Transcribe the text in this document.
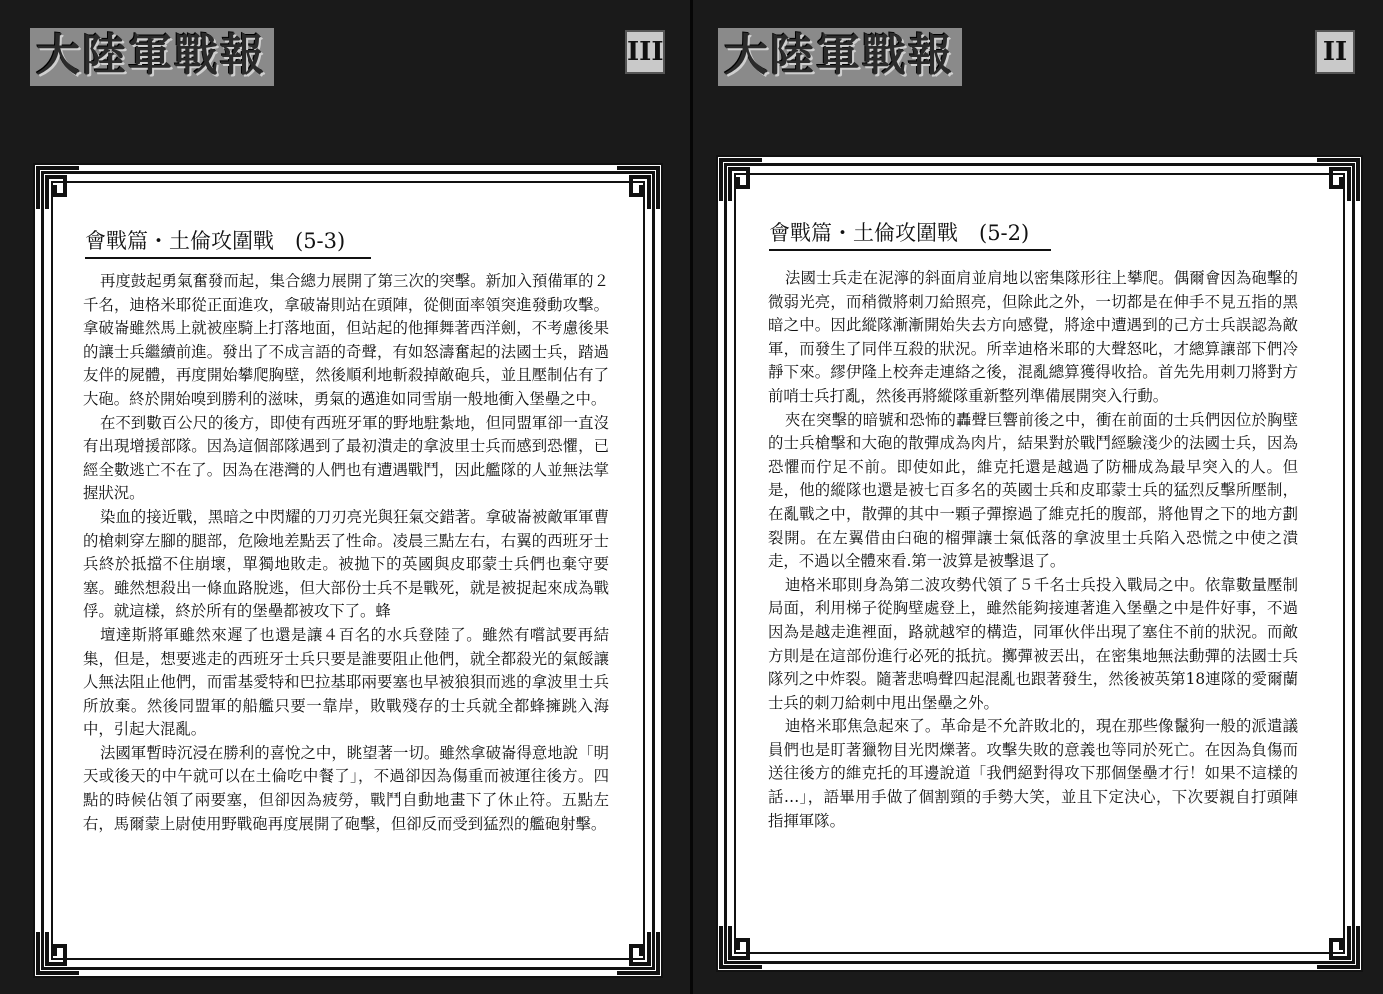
大陸軍戰報	III
會戰篇・土倫攻圍戰　(5-3)

再度鼓起勇氣奮發而起，集合總力展開了第三次的突擊。新加入預備軍的２千名，迪格米耶從正面進攻，拿破崙則站在頭陣，從側面率領突進發動攻擊。拿破崙雖然馬上就被座騎上打落地面，但站起的他揮舞著西洋劍，不考慮後果的讓士兵繼續前進。發出了不成言語的奇聲，有如怒濤奮起的法國士兵，踏過友伴的屍體，再度開始攀爬胸壁，然後順利地斬殺掉敵砲兵，並且壓制佔有了大砲。終於開始嗅到勝利的滋味，勇氣的邁進如同雪崩一般地衝入堡壘之中。

在不到數百公尺的後方，即使有西班牙軍的野地駐紮地，但同盟軍卻一直沒有出現增援部隊。因為這個部隊遇到了最初潰走的拿波里士兵而感到恐懼，已經全數逃亡不在了。因為在港灣的人們也有遭遇戰鬥，因此艦隊的人並無法掌握狀況。

染血的接近戰，黑暗之中閃耀的刀刃亮光與狂氣交錯著。拿破崙被敵軍軍曹的槍刺穿左腳的腿部，危險地差點丟了性命。凌晨三點左右，右翼的西班牙士兵終於抵擋不住崩壞，單獨地敗走。被拋下的英國與皮耶蒙士兵們也棄守要塞。雖然想殺出一條血路脫逃，但大部份士兵不是戰死，就是被捉起來成為戰俘。就這樣，終於所有的堡壘都被攻下了。蜂

壇達斯將軍雖然來遲了也還是讓４百名的水兵登陸了。雖然有嚐試要再結集，但是，想要逃走的西班牙士兵只要是誰要阻止他們，就全都殺光的氣餒讓人無法阻止他們，而雷基愛特和巴拉基耶兩要塞也早被狼狽而逃的拿波里士兵所放棄。然後同盟軍的船艦只要一靠岸，敗戰殘存的士兵就全都蜂擁跳入海中，引起大混亂。

法國軍暫時沉浸在勝利的喜悅之中，眺望著一切。雖然拿破崙得意地說「明天或後天的中午就可以在土倫吃中餐了」，不過卻因為傷重而被運往後方。四點的時候佔領了兩要塞，但卻因為疲勞，戰鬥自動地畫下了休止符。五點左右，馬爾蒙上尉使用野戰砲再度展開了砲擊，但卻反而受到猛烈的艦砲射擊。

大陸軍戰報	II
會戰篇・土倫攻圍戰　(5-2)

法國士兵走在泥濘的斜面肩並肩地以密集隊形往上攀爬。偶爾會因為砲擊的微弱光亮，而稍微將刺刀給照亮，但除此之外，一切都是在伸手不見五指的黑暗之中。因此縱隊漸漸開始失去方向感覺，將途中遭遇到的己方士兵誤認為敵軍，而發生了同伴互殺的狀況。所幸迪格米耶的大聲怒叱，才總算讓部下們冷靜下來。繆伊隆上校奔走連絡之後，混亂總算獲得收拾。首先先用刺刀將對方前哨士兵打亂，然後再將縱隊重新整列準備展開突入行動。

夾在突擊的暗號和恐怖的轟聲巨響前後之中，衝在前面的士兵們因位於胸壁的士兵槍擊和大砲的散彈成為肉片，結果對於戰鬥經驗淺少的法國士兵，因為恐懼而佇足不前。即使如此，維克托還是越過了防柵成為最早突入的人。但是，他的縱隊也還是被七百多名的英國士兵和皮耶蒙士兵的猛烈反擊所壓制，在亂戰之中，散彈的其中一顆子彈擦過了維克托的腹部，將他胃之下的地方劃裂開。在左翼借由臼砲的榴彈讓士氣低落的拿波里士兵陷入恐慌之中使之潰走，不過以全體來看.第一波算是被擊退了。

迪格米耶則身為第二波攻勢代領了５千名士兵投入戰局之中。依靠數量壓制局面，利用梯子從胸壁處登上，雖然能夠接連著進入堡壘之中是件好事，不過因為是越走進裡面，路就越窄的構造，同軍伙伴出現了塞住不前的狀況。而敵方則是在這部份進行必死的抵抗。擲彈被丟出，在密集地無法動彈的法國士兵隊列之中炸裂。隨著悲鳴聲四起混亂也跟著發生，然後被英第18連隊的愛爾蘭士兵的刺刀給刺中甩出堡壘之外。

迪格米耶焦急起來了。革命是不允許敗北的，現在那些像鬣狗一般的派遣議員們也是盯著獵物目光閃爍著。攻擊失敗的意義也等同於死亡。在因為負傷而送往後方的維克托的耳邊說道「我們絕對得攻下那個堡壘才行！如果不這樣的話…」，語畢用手做了個割頸的手勢大笑，並且下定決心，下次要親自打頭陣指揮軍隊。
